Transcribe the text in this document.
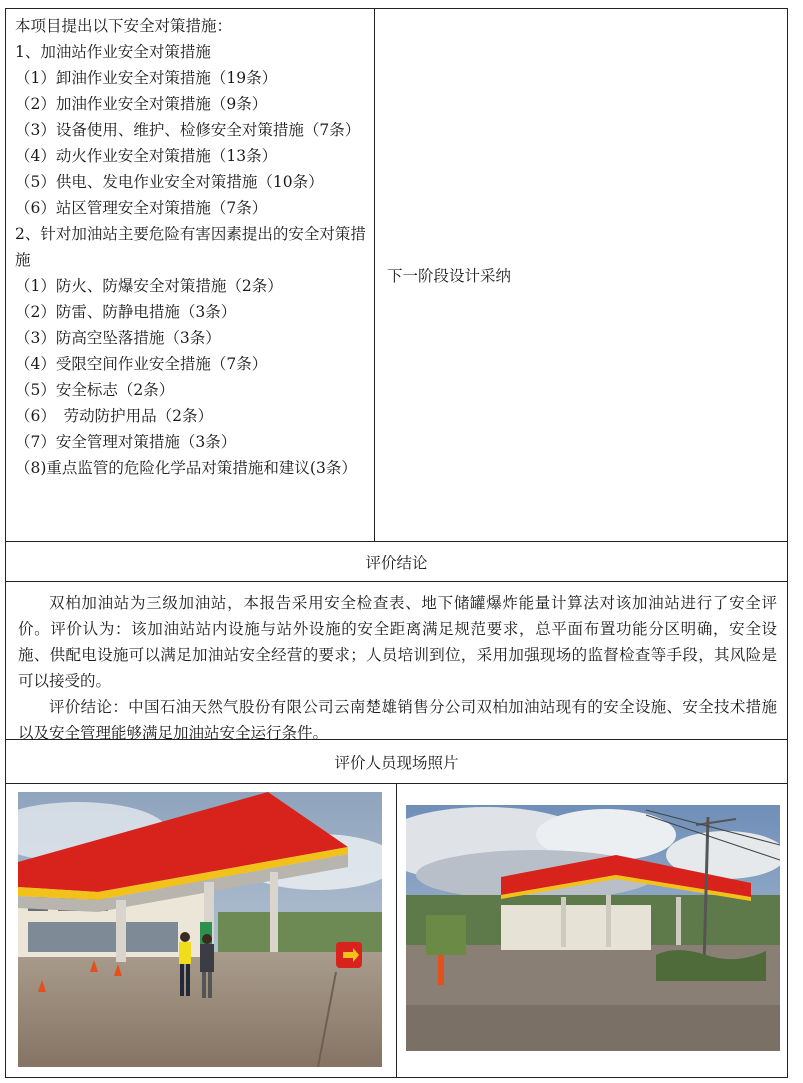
本项目提出以下安全对策措施：

1、加油站作业安全对策措施

（1）卸油作业安全对策措施（19条）

（2）加油作业安全对策措施（9条）

（3）设备使用、维护、检修安全对策措施（7条）

（4）动火作业安全对策措施（13条）

（5）供电、发电作业安全对策措施（10条）

（6）站区管理安全对策措施（7条）

2、针对加油站主要危险有害因素提出的安全对策措施

（1）防火、防爆安全对策措施（2条）

（2）防雷、防静电措施（3条）

（3）防高空坠落措施（3条）

（4）受限空间作业安全措施（7条）

（5）安全标志（2条）

（6）　劳动防护用品（2条）

（7）安全管理对策措施（3条）

（8)重点监管的危险化学品对策措施和建议(3条）

下一阶段设计采纳
评价结论

双柏加油站为三级加油站，本报告采用安全检查表、地下储罐爆炸能量计算法对该加油站进行了安全评价。评价认为：该加油站站内设施与站外设施的安全距离满足规范要求，总平面布置功能分区明确，安全设施、供配电设施可以满足加油站安全经营的要求；人员培训到位，采用加强现场的监督检查等手段，其风险是可以接受的。

评价结论：中国石油天然气股份有限公司云南楚雄销售分公司双柏加油站现有的安全设施、安全技术措施以及安全管理能够满足加油站安全运行条件。

评价人员现场照片
